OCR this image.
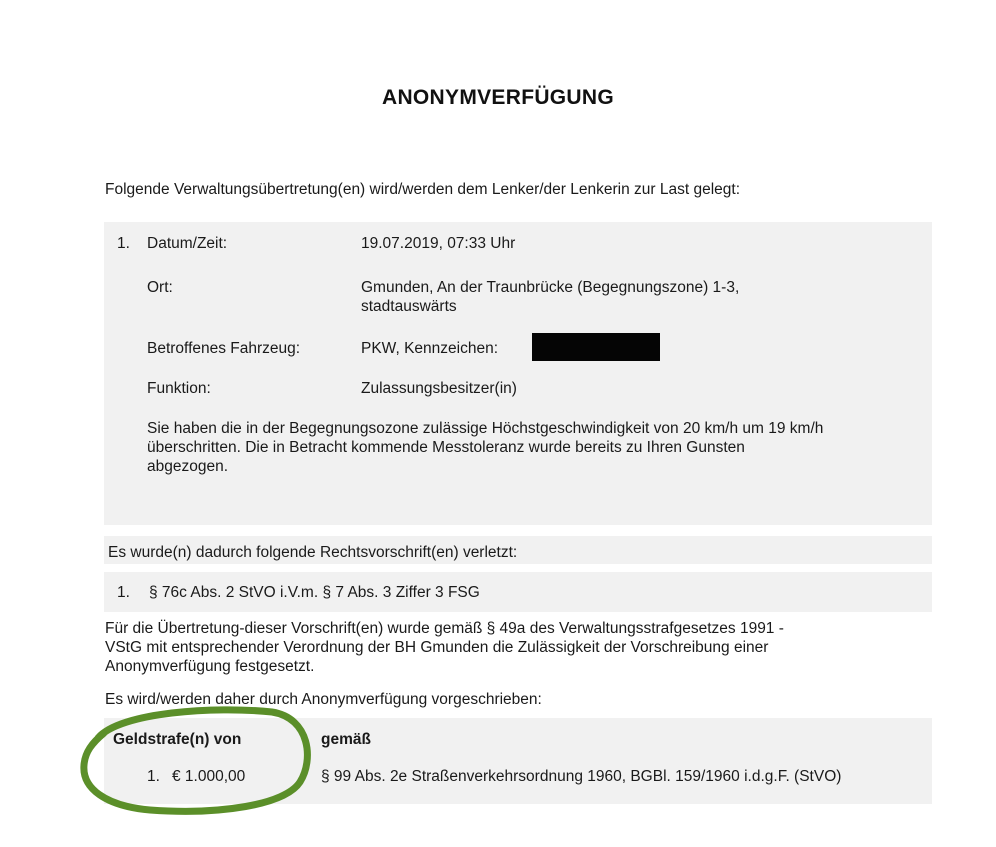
ANONYMVERFÜGUNG
Folgende Verwaltungsübertretung(en) wird/werden dem Lenker/der Lenkerin zur Last gelegt:
1. Datum/Zeit:	19.07.2019, 07:33 Uhr
Ort:	Gmunden, An der Traunbrücke (Begegnungszone) 1-3,
stadtauswärts
Betroffenes Fahrzeug:	PKW, Kennzeichen:
Funktion:	Zulassungsbesitzer(in)
Sie haben die in der Begegnungsozone zulässige Höchstgeschwindigkeit von 20 km/h um 19 km/h
überschritten. Die in Betracht kommende Messtoleranz wurde bereits zu Ihren Gunsten
abgezogen.
Es wurde(n) dadurch folgende Rechtsvorschrift(en) verletzt:
1. § 76c Abs. 2 StVO i.V.m. § 7 Abs. 3 Ziffer 3 FSG
Für die Übertretung-dieser Vorschrift(en) wurde gemäß § 49a des Verwaltungsstrafgesetzes 1991 -
VStG mit entsprechender Verordnung der BH Gmunden die Zulässigkeit der Vorschreibung einer
Anonymverfügung festgesetzt.
Es wird/werden daher durch Anonymverfügung vorgeschrieben:
Geldstrafe(n) von	gemäß
1. € 1.000,00	§ 99 Abs. 2e Straßenverkehrsordnung 1960, BGBl. 159/1960 i.d.g.F. (StVO)
